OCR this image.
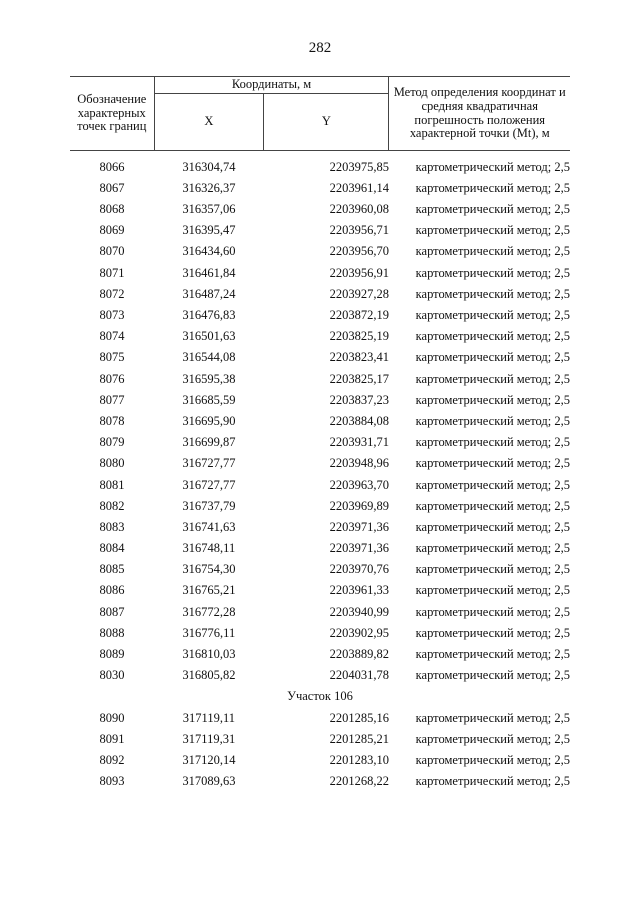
282
Обозначение характерных точек границ	Координаты, м		Метод определения координат и средняя квадратичная погрешность положения характерной точки (Mt), м
	X	Y	

8066	316304,74	2203975,85	картометрический метод; 2,5
8067	316326,37	2203961,14	картометрический метод; 2,5
8068	316357,06	2203960,08	картометрический метод; 2,5
8069	316395,47	2203956,71	картометрический метод; 2,5
8070	316434,60	2203956,70	картометрический метод; 2,5
8071	316461,84	2203956,91	картометрический метод; 2,5
8072	316487,24	2203927,28	картометрический метод; 2,5
8073	316476,83	2203872,19	картометрический метод; 2,5
8074	316501,63	2203825,19	картометрический метод; 2,5
8075	316544,08	2203823,41	картометрический метод; 2,5
8076	316595,38	2203825,17	картометрический метод; 2,5
8077	316685,59	2203837,23	картометрический метод; 2,5
8078	316695,90	2203884,08	картометрический метод; 2,5
8079	316699,87	2203931,71	картометрический метод; 2,5
8080	316727,77	2203948,96	картометрический метод; 2,5
8081	316727,77	2203963,70	картометрический метод; 2,5
8082	316737,79	2203969,89	картометрический метод; 2,5
8083	316741,63	2203971,36	картометрический метод; 2,5
8084	316748,11	2203971,36	картометрический метод; 2,5
8085	316754,30	2203970,76	картометрический метод; 2,5
8086	316765,21	2203961,33	картометрический метод; 2,5
8087	316772,28	2203940,99	картометрический метод; 2,5
8088	316776,11	2203902,95	картометрический метод; 2,5
8089	316810,03	2203889,82	картометрический метод; 2,5
8030	316805,82	2204031,78	картометрический метод; 2,5
Участок 106			
8090	317119,11	2201285,16	картометрический метод; 2,5
8091	317119,31	2201285,21	картометрический метод; 2,5
8092	317120,14	2201283,10	картометрический метод; 2,5
8093	317089,63	2201268,22	картометрический метод; 2,5
